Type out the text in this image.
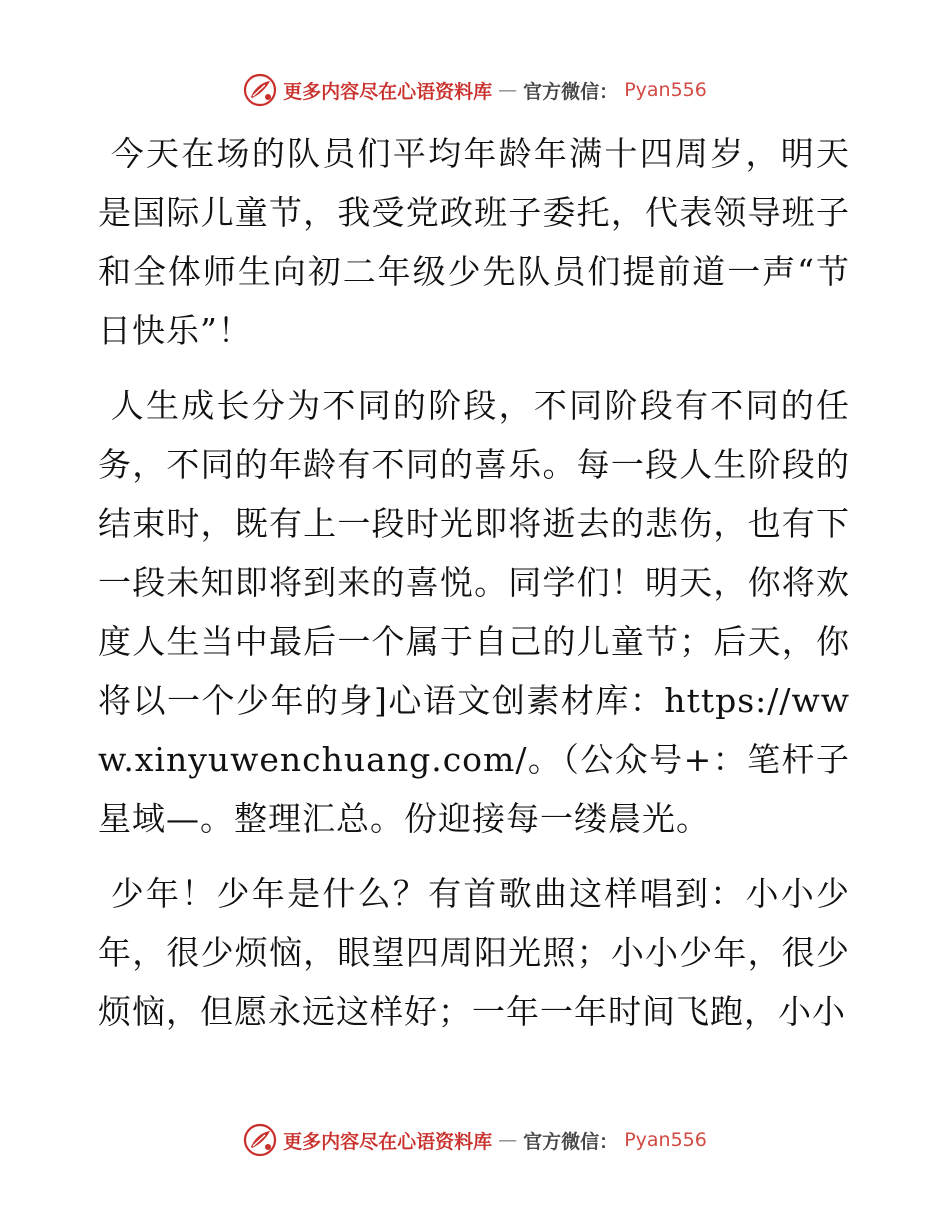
更多内容尽在心语资料库 — 官方微信： Pyan556

今天在场的队员们平均年龄年满十四周岁，明天是国际儿童节，我受党政班子委托，代表领导班子和全体师生向初二年级少先队员们提前道一声“节日快乐”！

人生成长分为不同的阶段，不同阶段有不同的任务，不同的年龄有不同的喜乐。每一段人生阶段的结束时，既有上一段时光即将逝去的悲伤，也有下一段未知即将到来的喜悦。同学们！明天，你将欢度人生当中最后一个属于自己的儿童节；后天，你将以一个少年的身]心语文创素材库：https://www.xinyuwenchuang.com/。（公众号+：笔杆子星域—。整理汇总。份迎接每一缕晨光。

少年！少年是什么？有首歌曲这样唱到：小小少年，很少烦恼，眼望四周阳光照；小小少年，很少烦恼，但愿永远这样好；一年一年时间飞跑，小小

更多内容尽在心语资料库 — 官方微信： Pyan556
